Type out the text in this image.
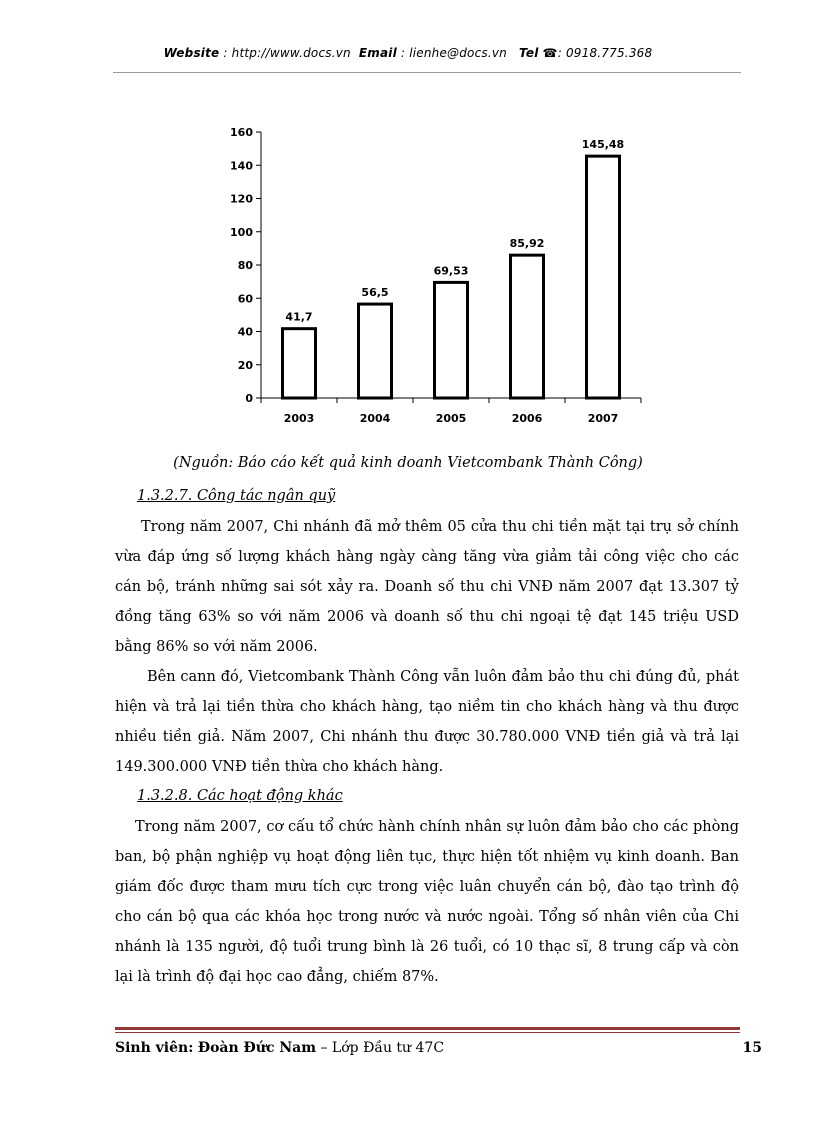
Website : http://www.docs.vn Email : lienhe@docs.vn Tel ☎: 0918.775.368
0
20
40
60
80
100
120
140
160
41,7
2003
56,5
2004
69,53
2005
85,92
2006
145,48
2007
(Nguồn: Báo cáo kết quả kinh doanh Vietcombank Thành Công)
1.3.2.7. Công tác ngân quỹ
Trong năm 2007, Chi nhánh đã mở thêm 05 cửa thu chi tiền mặt tại trụ sở chính vừa đáp ứng số lượng khách hàng ngày càng tăng vừa giảm tải công việc cho các cán bộ, tránh những sai sót xảy ra. Doanh số thu chi VNĐ năm 2007 đạt 13.307 tỷ đồng tăng 63% so với năm 2006 và doanh số thu chi ngoại tệ đạt 145 triệu USD bằng 86% so với năm 2006.
Bên cann đó, Vietcombank Thành Công vẫn luôn đảm bảo thu chi đúng đủ, phát hiện và trả lại tiền thừa cho khách hàng, tạo niềm tin cho khách hàng và thu được nhiều tiền giả. Năm 2007, Chi nhánh thu được 30.780.000 VNĐ tiền giả và trả lại 149.300.000 VNĐ tiền thừa cho khách hàng.
1.3.2.8. Các hoạt động khác
Trong năm 2007, cơ cấu tổ chức hành chính nhân sự luôn đảm bảo cho các phòng ban, bộ phận nghiệp vụ hoạt động liên tục, thực hiện tốt nhiệm vụ kinh doanh. Ban giám đốc được tham mưu tích cực trong việc luân chuyển cán bộ, đào tạo trình độ cho cán bộ qua các khóa học trong nước và nước ngoài. Tổng số nhân viên của Chi nhánh là 135 người, độ tuổi trung bình là 26 tuổi, có 10 thạc sĩ, 8 trung cấp và còn lại là trình độ đại học cao đẳng, chiếm 87%.
Sinh viên: Đoàn Đức Nam – Lớp Đầu tư 47C	15
